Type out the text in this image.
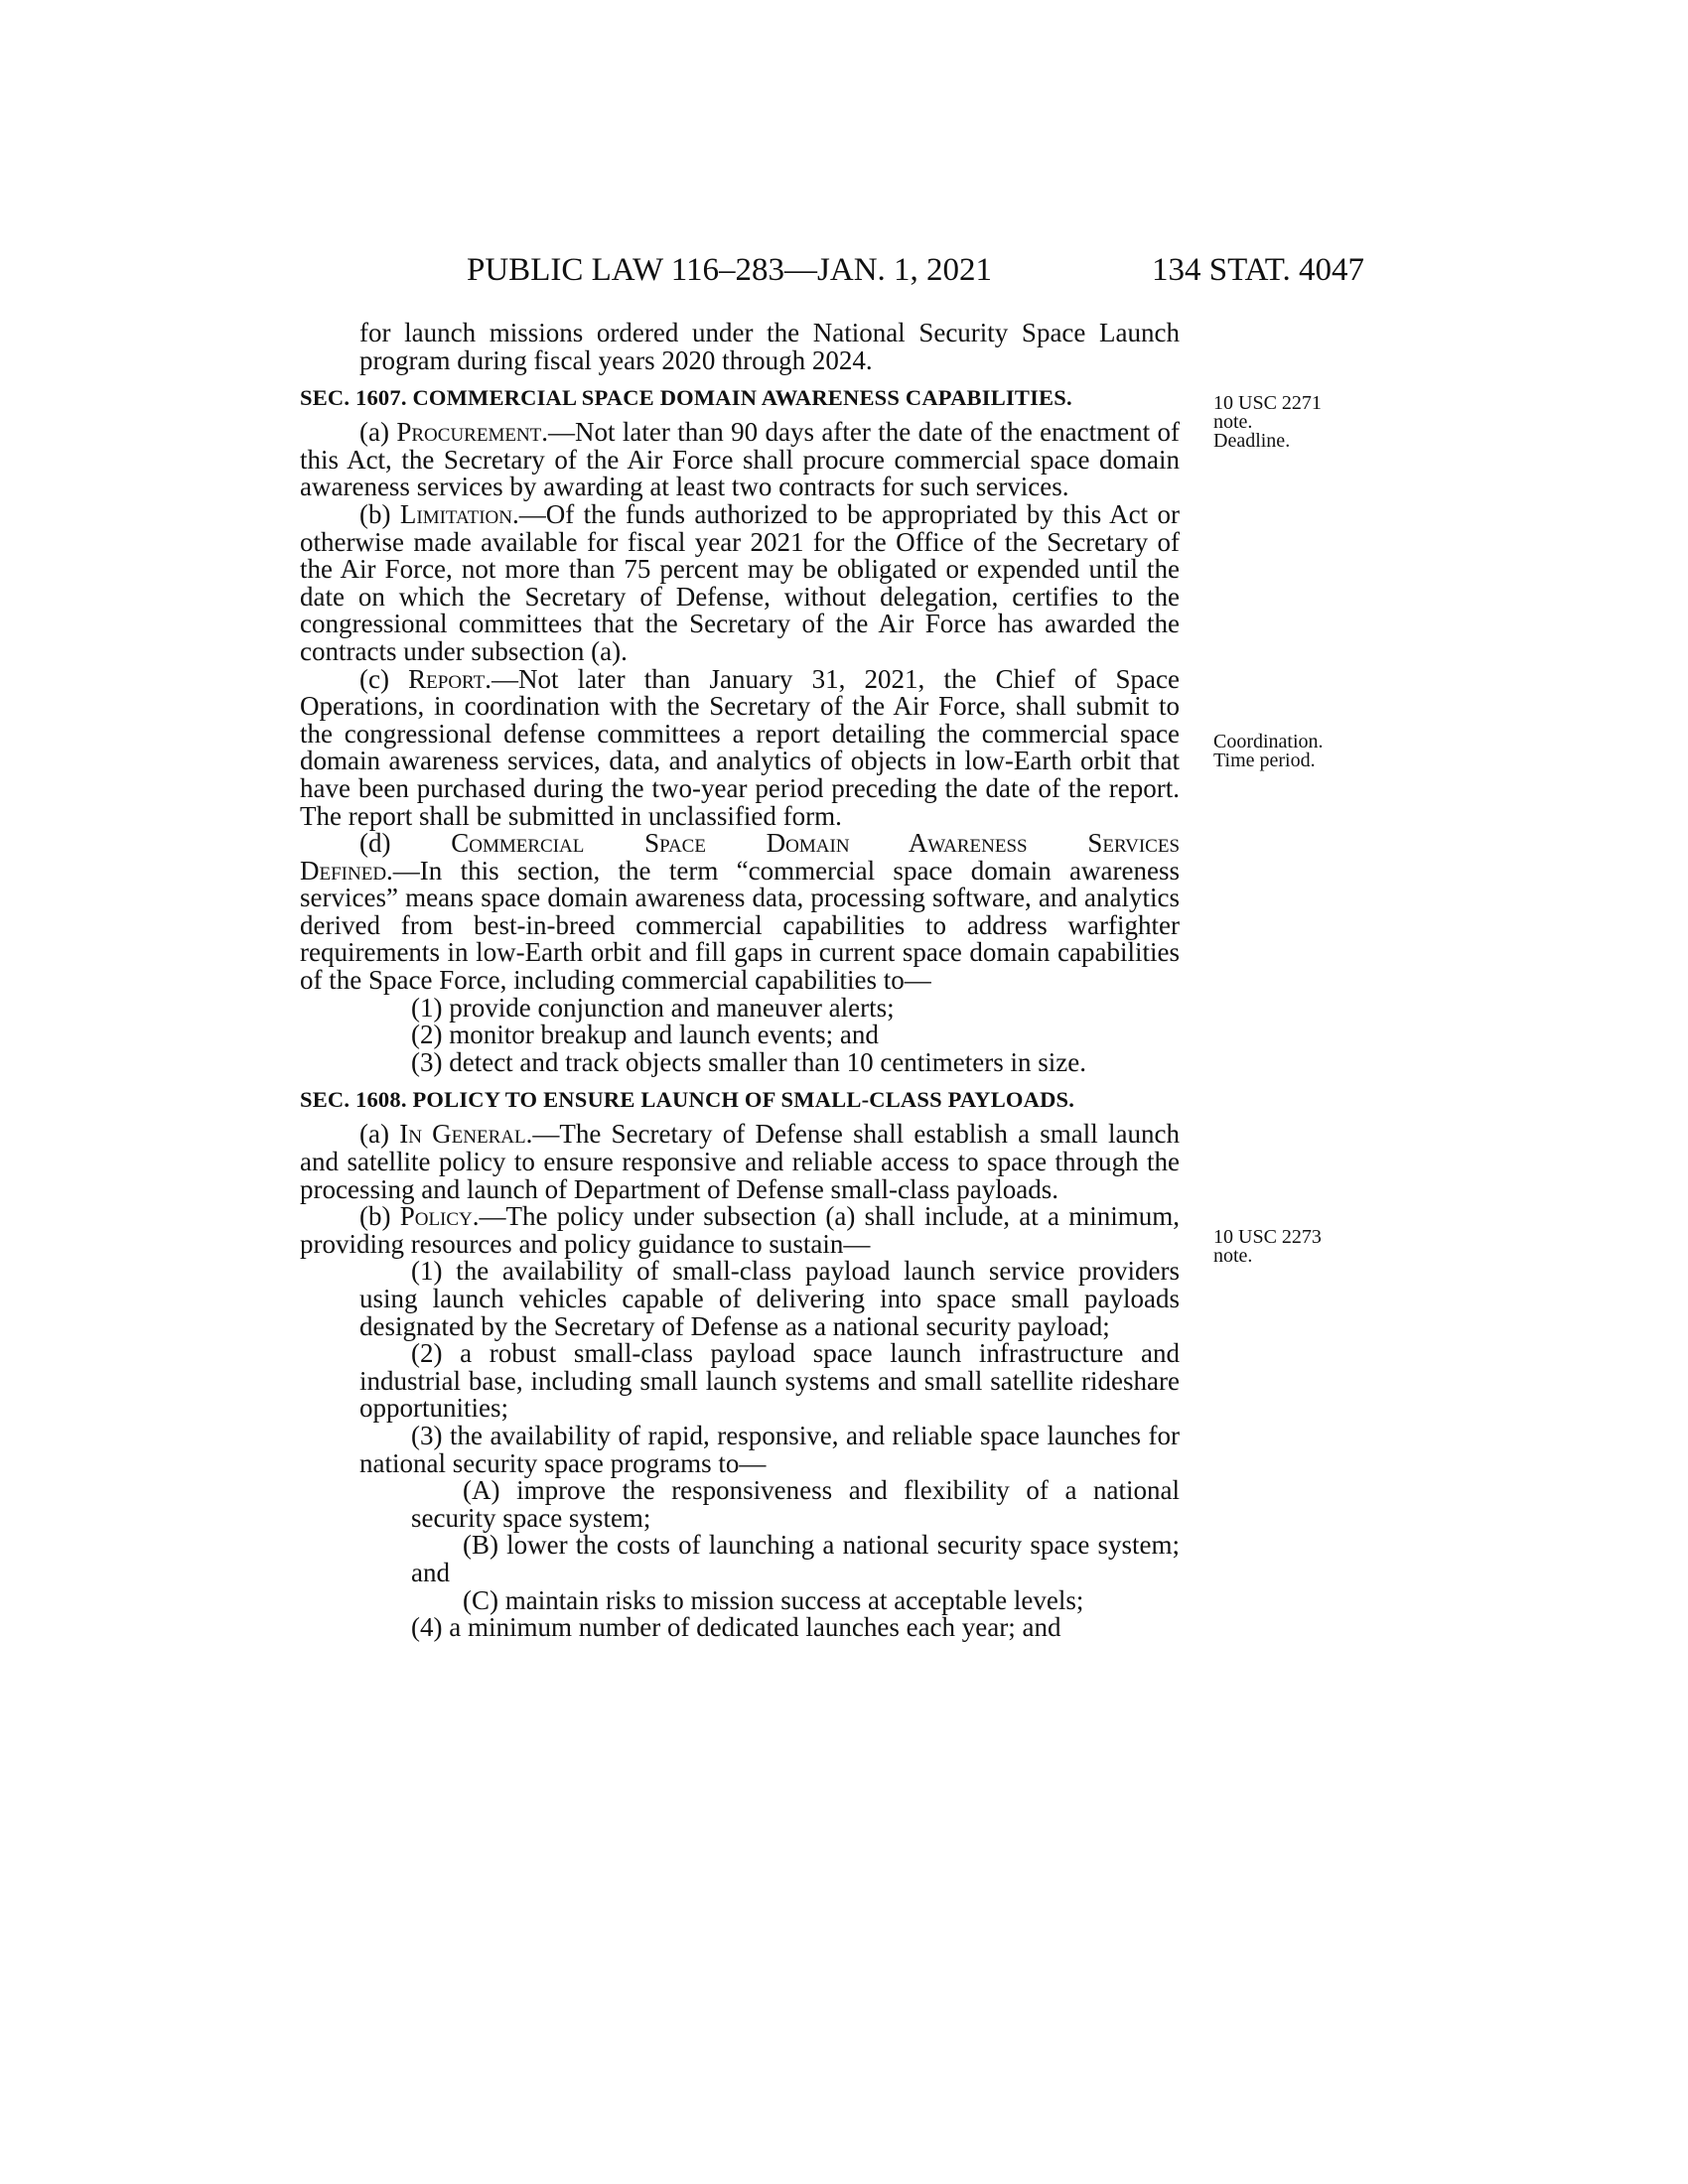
PUBLIC LAW 116–283—JAN. 1, 2021	134 STAT. 4047

for launch missions ordered under the National Security Space Launch program during fiscal years 2020 through 2024.

SEC. 1607. COMMERCIAL SPACE DOMAIN AWARENESS CAPABILITIES.

(a) Procurement.—Not later than 90 days after the date of the enactment of this Act, the Secretary of the Air Force shall procure commercial space domain awareness services by awarding at least two contracts for such services.

(b) Limitation.—Of the funds authorized to be appropriated by this Act or otherwise made available for fiscal year 2021 for the Office of the Secretary of the Air Force, not more than 75 percent may be obligated or expended until the date on which the Secretary of Defense, without delegation, certifies to the congressional committees that the Secretary of the Air Force has awarded the contracts under subsection (a).

(c) Report.—Not later than January 31, 2021, the Chief of Space Operations, in coordination with the Secretary of the Air Force, shall submit to the congressional defense committees a report detailing the commercial space domain awareness services, data, and analytics of objects in low-Earth orbit that have been purchased during the two-year period preceding the date of the report. The report shall be submitted in unclassified form.

(d) Commercial Space Domain Awareness Services

Defined.—In this section, the term “commercial space domain awareness services” means space domain awareness data, processing software, and analytics derived from best-in-breed commercial capabilities to address warfighter requirements in low-Earth orbit and fill gaps in current space domain capabilities of the Space Force, including commercial capabilities to—

(1) provide conjunction and maneuver alerts;

(2) monitor breakup and launch events; and

(3) detect and track objects smaller than 10 centimeters in size.

SEC. 1608. POLICY TO ENSURE LAUNCH OF SMALL-CLASS PAYLOADS.

(a) In General.—The Secretary of Defense shall establish a small launch and satellite policy to ensure responsive and reliable access to space through the processing and launch of Department of Defense small-class payloads.

(b) Policy.—The policy under subsection (a) shall include, at a minimum, providing resources and policy guidance to sustain—

(1) the availability of small-class payload launch service providers using launch vehicles capable of delivering into space small payloads designated by the Secretary of Defense as a national security payload;

(2) a robust small-class payload space launch infrastructure and industrial base, including small launch systems and small satellite rideshare opportunities;

(3) the availability of rapid, responsive, and reliable space launches for national security space programs to—

(A) improve the responsiveness and flexibility of a national security space system;

(B) lower the costs of launching a national security space system; and

(C) maintain risks to mission success at acceptable levels;

(4) a minimum number of dedicated launches each year; and

10 USC 2271
note.
Deadline.
Coordination.
Time period.
10 USC 2273
note.
